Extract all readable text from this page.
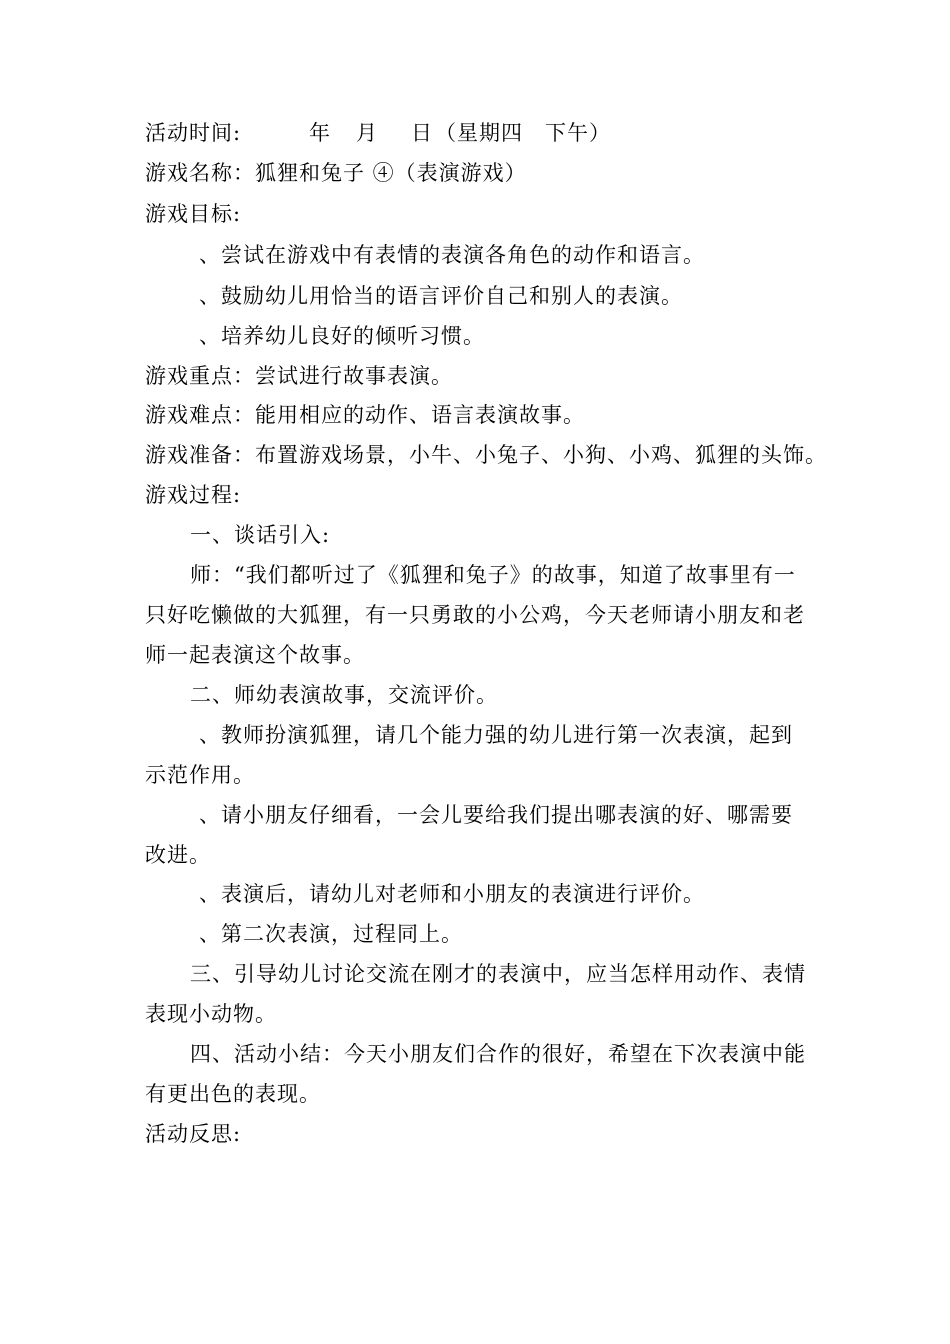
活动时间:	年 月 日 （星期四　下午）
游戏名称：狐狸和兔子 ④（表演游戏）
游戏目标:
、尝试在游戏中有表情的表演各角色的动作和语言。
、鼓励幼儿用恰当的语言评价自己和别人的表演。
、培养幼儿良好的倾听习惯。
游戏重点：尝试进行故事表演。
游戏难点：能用相应的动作、语言表演故事。
游戏准备：布置游戏场景，小牛、小兔子、小狗、小鸡、狐狸的头饰。
游戏过程:
一、谈话引入:
师：“我们都听过了《狐狸和兔子》的故事，知道了故事里有一
只好吃懒做的大狐狸，有一只勇敢的小公鸡，今天老师请小朋友和老
师一起表演这个故事。
二、师幼表演故事，交流评价。
、教师扮演狐狸，请几个能力强的幼儿进行第一次表演，起到
示范作用。
、请小朋友仔细看，一会儿要给我们提出哪表演的好、哪需要
改进。
、表演后，请幼儿对老师和小朋友的表演进行评价。
、第二次表演，过程同上。
三、引导幼儿讨论交流在刚才的表演中，应当怎样用动作、表情
表现小动物。
四、活动小结：今天小朋友们合作的很好，希望在下次表演中能
有更出色的表现。
活动反思:
